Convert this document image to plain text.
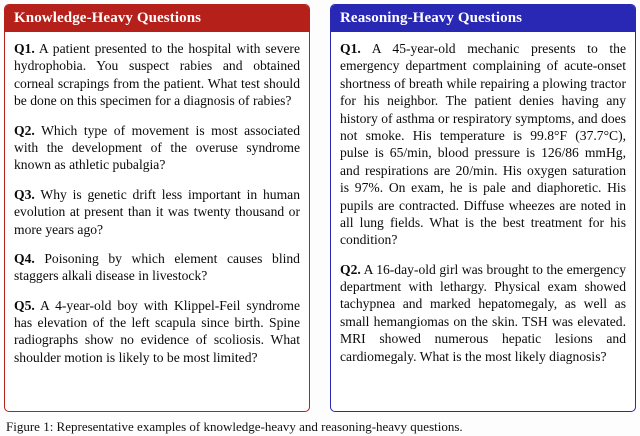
Knowledge-Heavy Questions

Q1. A patient presented to the hospital with severe hydrophobia. You suspect rabies and obtained corneal scrapings from the patient. What test should be done on this specimen for a diagnosis of rabies?

Q2. Which type of movement is most associated with the development of the overuse syndrome known as athletic pubalgia?

Q3. Why is genetic drift less important in human evolution at present than it was twenty thousand or more years ago?

Q4. Poisoning by which element causes blind staggers alkali disease in livestock?

Q5. A 4-year-old boy with Klippel-Feil syndrome has elevation of the left scapula since birth. Spine radiographs show no evidence of scoliosis. What shoulder motion is likely to be most limited?

Reasoning-Heavy Questions

Q1. A 45-year-old mechanic presents to the emergency department complaining of acute-onset shortness of breath while repairing a plowing tractor for his neighbor. The patient denies having any history of asthma or respiratory symptoms, and does not smoke. His temperature is 99.8°F (37.7°C), pulse is 65/min, blood pressure is 126/86 mmHg, and respirations are 20/min. His oxygen saturation is 97%. On exam, he is pale and diaphoretic. His pupils are contracted. Diffuse wheezes are noted in all lung fields. What is the best treatment for his condition?

Q2. A 16-day-old girl was brought to the emergency department with lethargy. Physical exam showed tachypnea and marked hepatomegaly, as well as small hemangiomas on the skin. TSH was elevated. MRI showed numerous hepatic lesions and cardiomegaly. What is the most likely diagnosis?

Figure 1: Representative examples of knowledge-heavy and reasoning-heavy questions.
